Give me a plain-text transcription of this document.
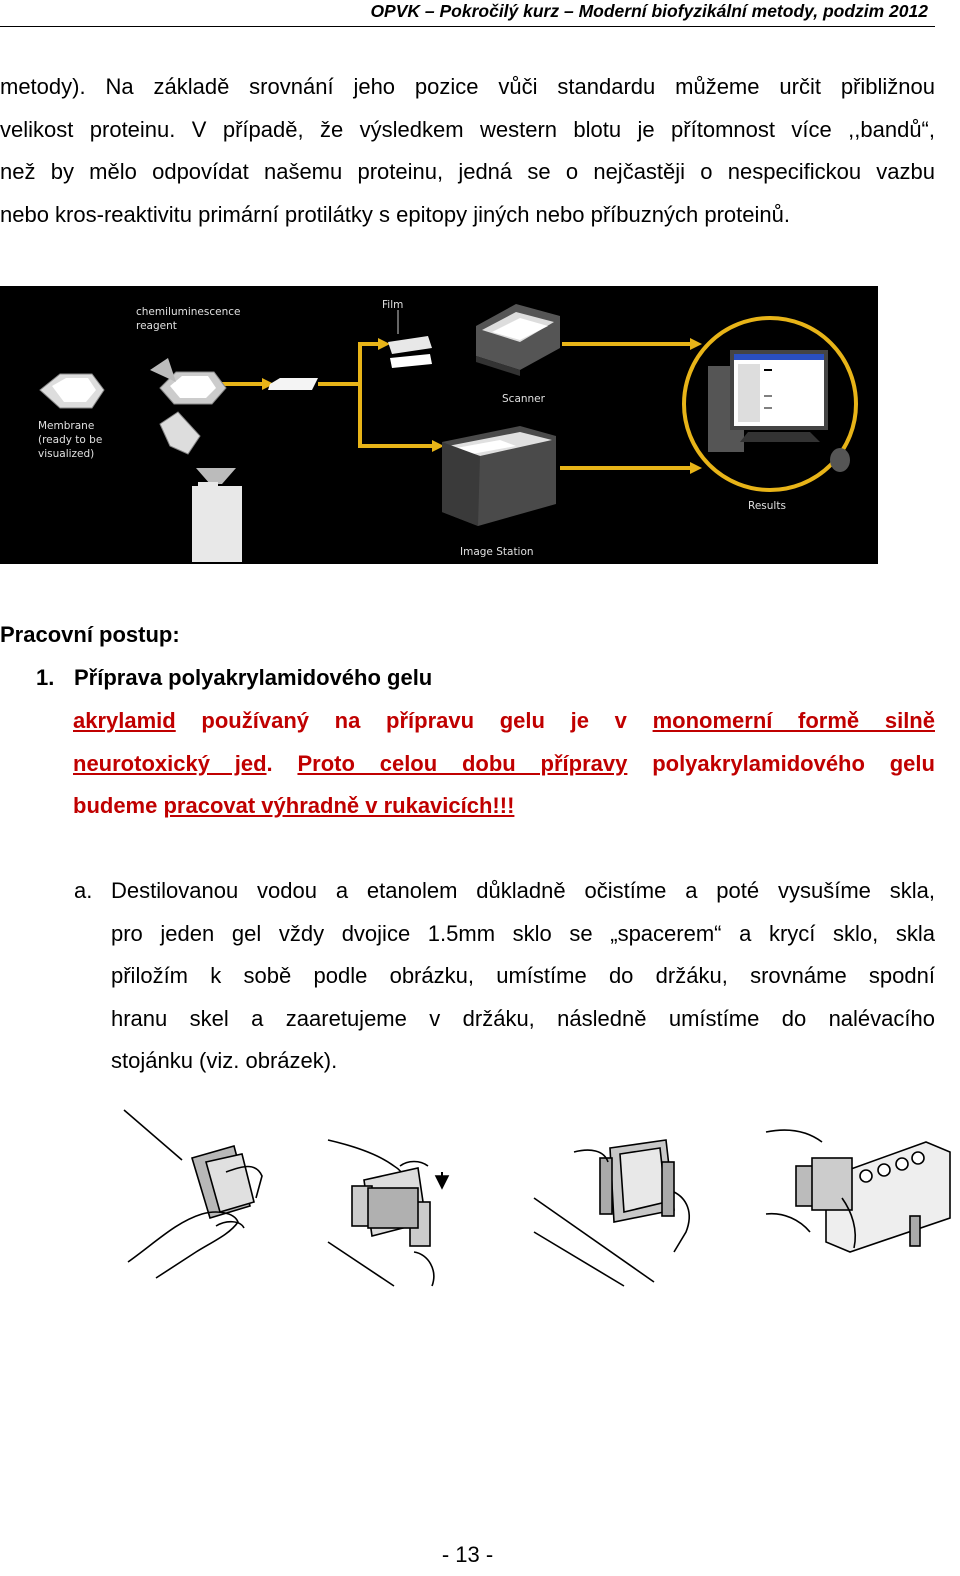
OPVK – Pokročilý kurz – Moderní biofyzikální metody, podzim 2012
metody). Na základě srovnání jeho pozice vůči standardu můžeme určit přibližnou
velikost proteinu. V případě, že výsledkem western blotu je přítomnost více ,,bandů“,
než by mělo odpovídat našemu proteinu, jedná se o nejčastěji o nespecifickou vazbu
nebo kros-reaktivitu primární protilátky s epitopy jiných nebo příbuzných proteinů.
chemiluminescence
reagent
Film
Membrane
(ready to be
visualized)
Scanner
Image Station
Results
Pracovní postup:
1. Příprava polyakrylamidového gelu
akrylamid používaný na přípravu gelu je v monomerní formě silně
neurotoxický jed. Proto celou dobu přípravy polyakrylamidového gelu
budeme pracovat výhradně v rukavicích!!!
a. Destilovanou vodou a etanolem důkladně očistíme a poté vysušíme skla,
pro jeden gel vždy dvojice 1.5mm sklo se „spacerem“ a krycí sklo, skla
přiložím k sobě podle obrázku, umístíme do držáku, srovnáme spodní
hranu skel a zaaretujeme v držáku, následně umístíme do nalévacího
stojánku (viz. obrázek).
- 13 -
